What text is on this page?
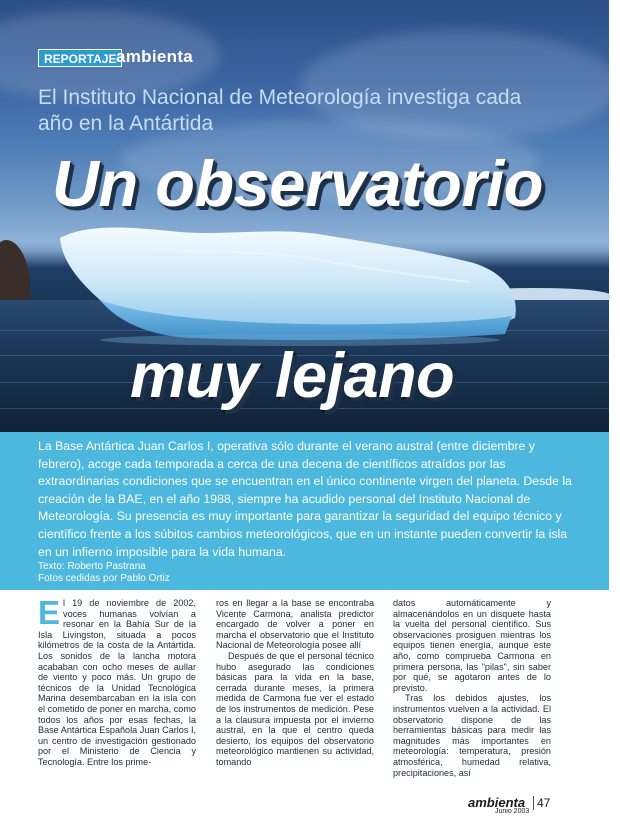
REPORTAJE ambienta
El Instituto Nacional de Meteorología investiga cada año en la Antártida
Un observatorio
muy lejano
La Base Antártica Juan Carlos I, operativa sólo durante el verano austral (entre diciembre y febrero), acoge cada temporada a cerca de una decena de científicos atraídos por las extraordinarias condiciones que se encuentran en el único continente virgen del planeta. Desde la creación de la BAE, en el año 1988, siempre ha acudido personal del Instituto Nacional de Meteorología. Su presencia es muy importante para garantizar la seguridad del equipo técnico y científico frente a los súbitos cambios meteorológicos, que en un instante pueden convertir la isla en un infierno imposible para la vida humana.
Texto: Roberto Pastrana
Fotos cedidas por Pablo Ortiz

El 19 de noviembre de 2002, voces humanas volvían a resonar en la Bahía Sur de la Isla Livingston, situada a pocos kilómetros de la costa de la Antártida. Los sonidos de la lancha motora acababan con ocho meses de aullar de viento y poco más. Un grupo de técnicos de la Unidad Tecnológica Marina desembarcaban en la isla con el cometido de poner en marcha, como todos los años por esas fechas, la Base Antártica Española Juan Carlos I, un centro de investigación gestionado por el Ministerio de Ciencia y Tecnología. Entre los prime-

ros en llegar a la base se encontraba Vicente Carmona, analista predictor encargado de volver a poner en marcha el observatorio que el Instituto Nacional de Meteorología posee allí

Después de que el personal técnico hubo asegurado las condiciones básicas para la vida en la base, cerrada durante meses, la primera medida de Carmona fue ver el estado de los instrumentos de medición. Pese a la clausura impuesta por el invierno austral, en la que el centro queda desierto, los equipos del observatorio meteorológico mantienen su actividad, tomando

datos automáticamente y almacenándolos en un disquete hasta la vuelta del personal científico. Sus observaciones prosiguen mientras los equipos tienen energía, aunque este año, como comprueba Carmona en primera persona, las "pilas", sin saber por qué, se agotaron antes de lo previsto.

Tras los debidos ajustes, los instrumentos vuelven a la actividad. El observatorio dispone de las herramientas básicas para medir las magnitudes más importantes en meteorología: temperatura, presión atmosférica, humedad relativa, precipitaciones, así

ambienta
Junio 2003
47
